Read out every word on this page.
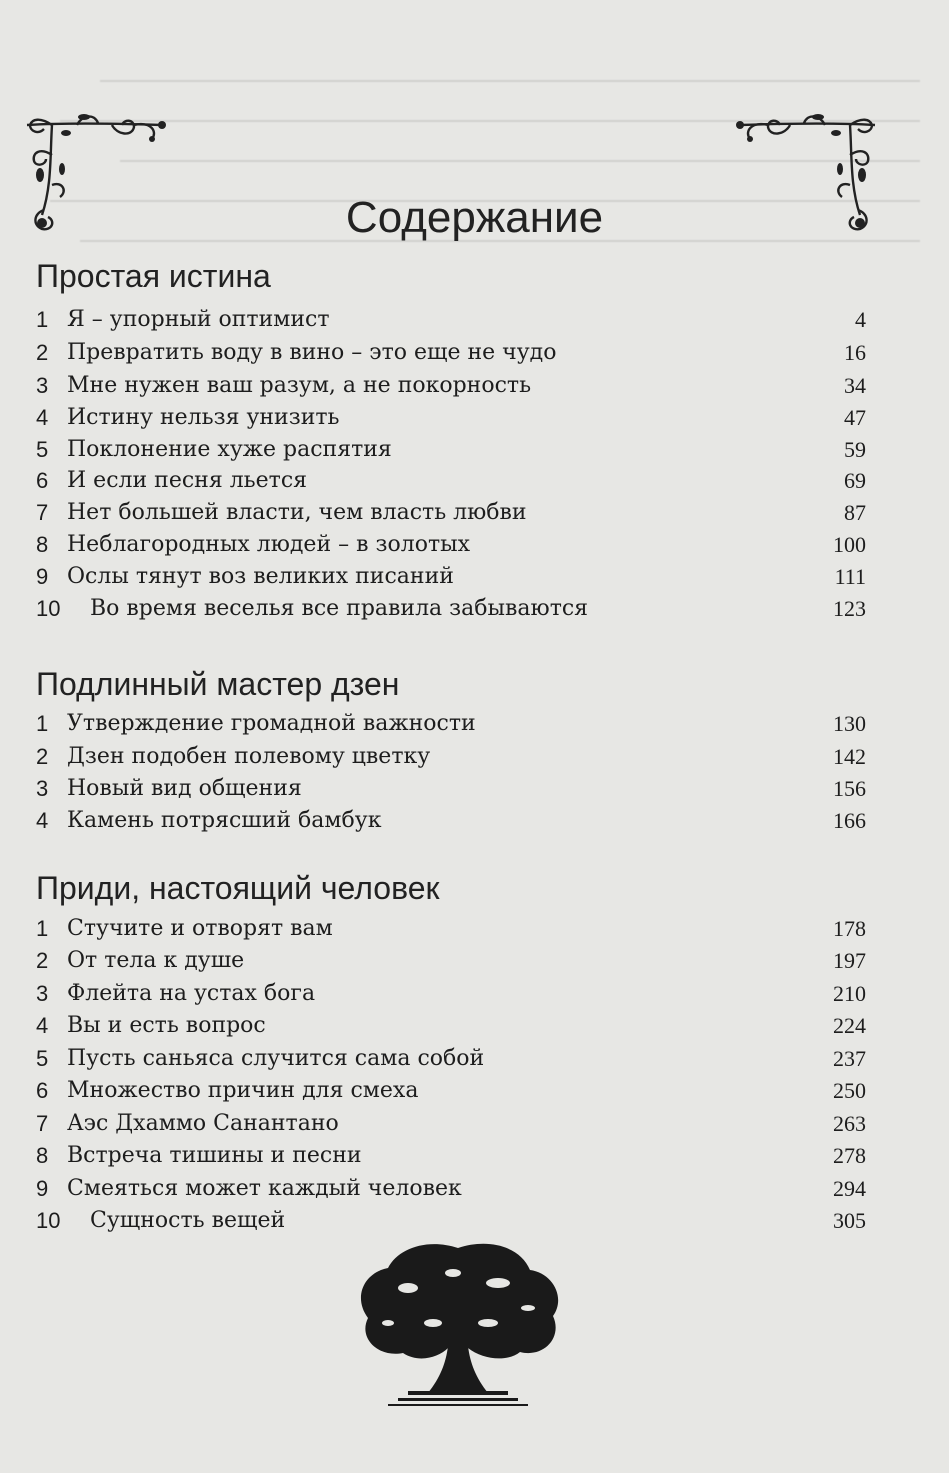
Содержание
Простая истина
1 Я – упорный оптимист	4
2 Превратить воду в вино – это еще не чудо	16
3 Мне нужен ваш разум, а не покорность	34
4 Истину нельзя унизить	47
5 Поклонение хуже распятия	59
6 И если песня льется	69
7 Нет большей власти, чем власть любви	87
8 Неблагородных людей – в золотых	100
9 Ослы тянут воз великих писаний	111
10	Во время веселья все правила забываются	123
Подлинный мастер дзен
1 Утверждение громадной важности	130
2 Дзен подобен полевому цветку	142
3 Новый вид общения	156
4 Камень потрясший бамбук	166
Приди, настоящий человек
1 Стучите и отворят вам	178
2 От тела к душе	197
3 Флейта на устах бога	210
4 Вы и есть вопрос	224
5 Пусть саньяса случится сама собой	237
6 Множество причин для смеха	250
7 Аэс Дхаммо Санантано	263
8 Встреча тишины и песни	278
9 Смеяться может каждый человек	294
10	Сущность вещей	305
